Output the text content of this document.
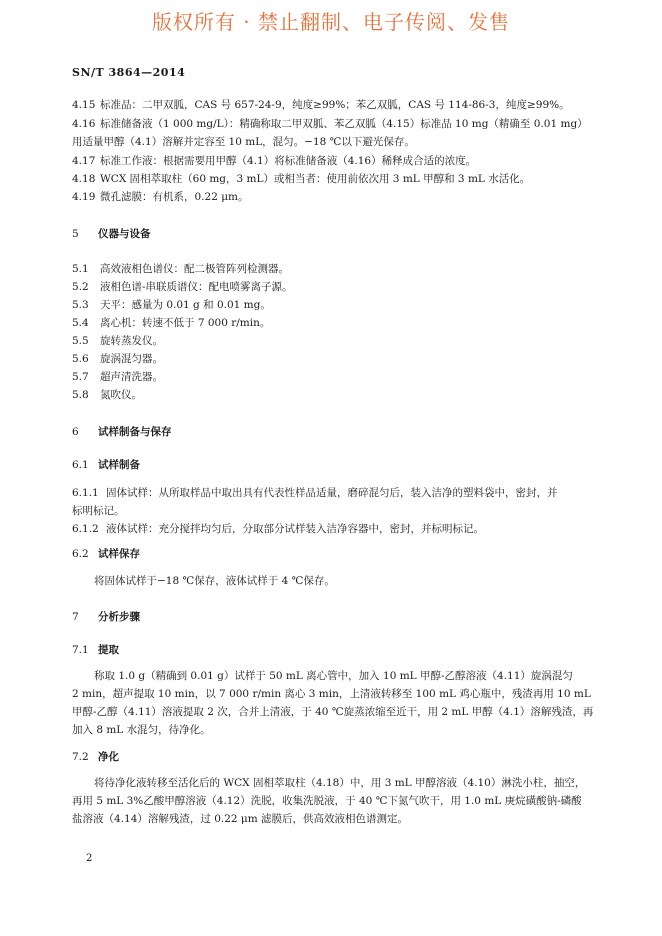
版权所有 · 禁止翻制、电子传阅、发售
SN/T 3864—2014
4.15 标准品：二甲双胍，CAS 号 657-24-9，纯度≥99%；苯乙双胍，CAS 号 114-86-3，纯度≥99%。
4.16 标准储备液（1 000 mg/L）：精确称取二甲双胍、苯乙双胍（4.15）标准品 10 mg（精确至 0.01 mg）
用适量甲醇（4.1）溶解并定容至 10 mL，混匀。−18 ℃以下避光保存。
4.17 标准工作液：根据需要用甲醇（4.1）将标准储备液（4.16）稀释成合适的浓度。
4.18 WCX 固相萃取柱（60 mg，3 mL）或相当者：使用前依次用 3 mL 甲醇和 3 mL 水活化。
4.19 微孔滤膜：有机系，0.22 μm。
5 仪器与设备
5.1 高效液相色谱仪：配二极管阵列检测器。
5.2 液相色谱-串联质谱仪：配电喷雾离子源。
5.3 天平：感量为 0.01 g 和 0.01 mg。
5.4 离心机：转速不低于 7 000 r/min。
5.5 旋转蒸发仪。
5.6 旋涡混匀器。
5.7 超声清洗器。
5.8 氮吹仪。
6 试样制备与保存
6.1 试样制备
6.1.1 固体试样：从所取样品中取出具有代表性样品适量，磨碎混匀后，装入洁净的塑料袋中，密封，并
标明标记。
6.1.2 液体试样：充分搅拌均匀后，分取部分试样装入洁净容器中，密封，并标明标记。
6.2 试样保存
将固体试样于−18 ℃保存，液体试样于 4 ℃保存。
7 分析步骤
7.1 提取
称取 1.0 g（精确到 0.01 g）试样于 50 mL 离心管中，加入 10 mL 甲醇-乙醇溶液（4.11）旋涡混匀
2 min，超声提取 10 min，以 7 000 r/min 离心 3 min，上清液转移至 100 mL 鸡心瓶中，残渣再用 10 mL
甲醇-乙醇（4.11）溶液提取 2 次，合并上清液，于 40 ℃旋蒸浓缩至近干，用 2 mL 甲醇（4.1）溶解残渣，再
加入 8 mL 水混匀，待净化。
7.2 净化
将待净化液转移至活化后的 WCX 固相萃取柱（4.18）中，用 3 mL 甲醇溶液（4.10）淋洗小柱，抽空，
再用 5 mL 3%乙酸甲醇溶液（4.12）洗脱，收集洗脱液，于 40 ℃下氮气吹干，用 1.0 mL 庚烷磺酸钠-磷酸
盐溶液（4.14）溶解残渣，过 0.22 μm 滤膜后，供高效液相色谱测定。
2
